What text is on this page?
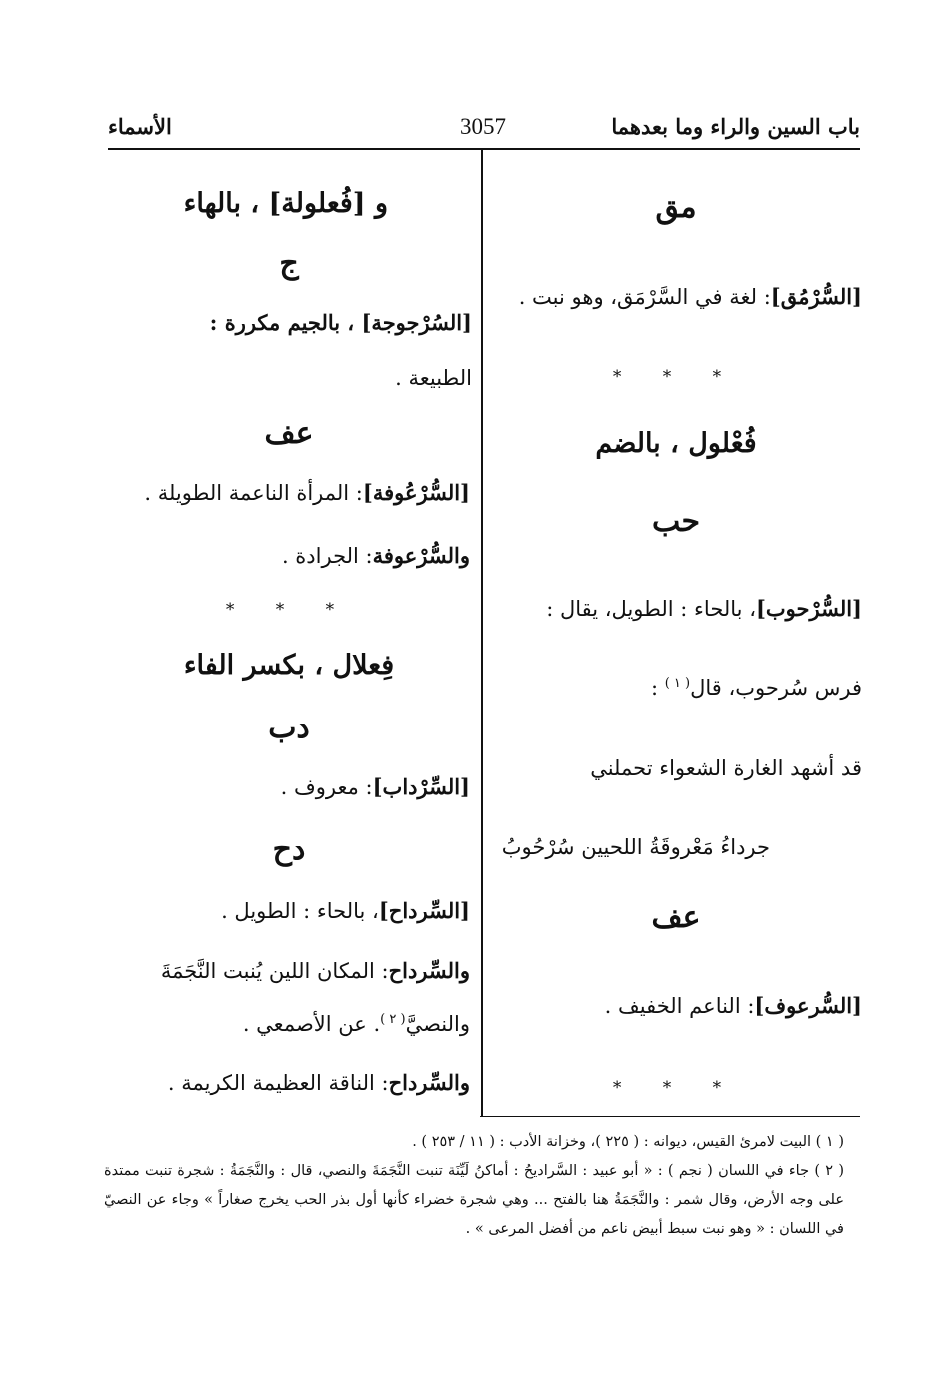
باب السين والراء وما بعدهما
3057
الأسماء
مق
[السُّرْمُق]: لغة في السَّرْمَق، وهو نبت .
* * *
فُعْلول ، بالضم
حب
[السُّرْحوب]، بالحاء : الطويل، يقال :
فرس سُرحوب، قال$^{( ١ )}$ :
قد أشهد الغارة الشعواء تحملني
جرداءُ مَعْروقَةُ اللحيين سُرْحُوبُ
عف
[السُّرعوف]: الناعم الخفيف .
* * *
و [فُعلولة] ، بالهاء
ج
[السُرْجوجة] ، بالجيم مكررة :
الطبيعة .
عف
[السُّرْعُوفة]: المرأة الناعمة الطويلة .
والسُّرْعوفة: الجرادة .
* * *
فِعلال ، بكسر الفاء
دب
[السِّرْداب]: معروف .
دح
[السِّرداح]، بالحاء : الطويل .
والسِّرداح: المكان اللين يُنبت النَّجَمَةَ
والنصيَّ$^{( ٢ )}$. عن الأصمعي .
والسِّرداح: الناقة العظيمة الكريمة .
( ١ ) البيت لامرئ القيس، ديوانه : ( ٢٢٥ )، وخزانة الأدب : ( ١١ / ٢٥٣ ) .
( ٢ ) جاء في اللسان ( نجم ) : « أبو عبيد : السَّراديحُ : أماكنُ لَيِّنَة تنبت النَّجَمَةَ والنصي، قال : والنَّجَمَةُ : شجرة تنبت ممتدة على وجه الأرض، وقال شمر : والنَّجَمَةُ هنا بالفتح ... وهي شجرة خضراء كأنها أول بذر الحب يخرج صغاراً » وجاء عن النصيّ في اللسان : « وهو نبت سبط أبيض ناعم من أفضل المرعى » .
